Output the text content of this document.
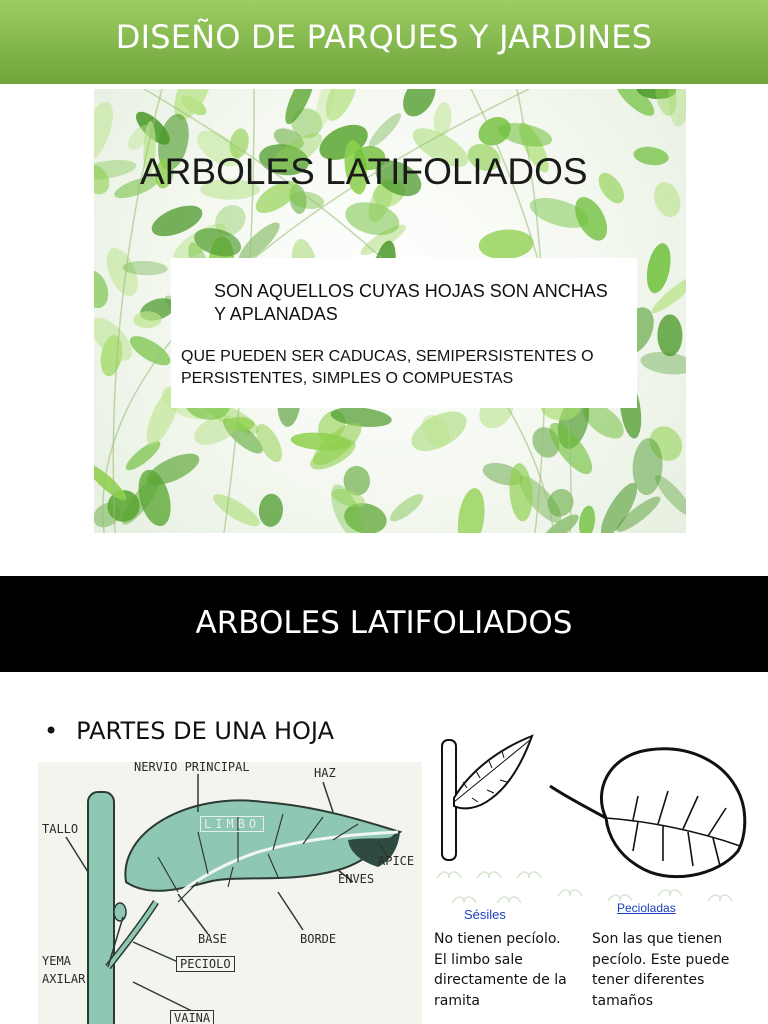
DISEÑO DE PARQUES Y JARDINES
ARBOLES LATIFOLIADOS
SON AQUELLOS CUYAS HOJAS SON ANCHAS Y APLANADAS
QUE PUEDEN SER CADUCAS, SEMIPERSISTENTES O PERSISTENTES, SIMPLES O COMPUESTAS
ARBOLES LATIFOLIADOS
• PARTES DE UNA HOJA
NERVIO PRINCIPAL	HAZ
TALLO	LIMBO
APICE
ENVES
BASE	BORDE
YEMA
AXILAR
PECIOLO
VAINA
Sésiles	Pecioladas
No tienen pecíolo. El limbo sale directamente de la ramita
Son las que tienen pecíolo. Este puede tener diferentes tamaños
